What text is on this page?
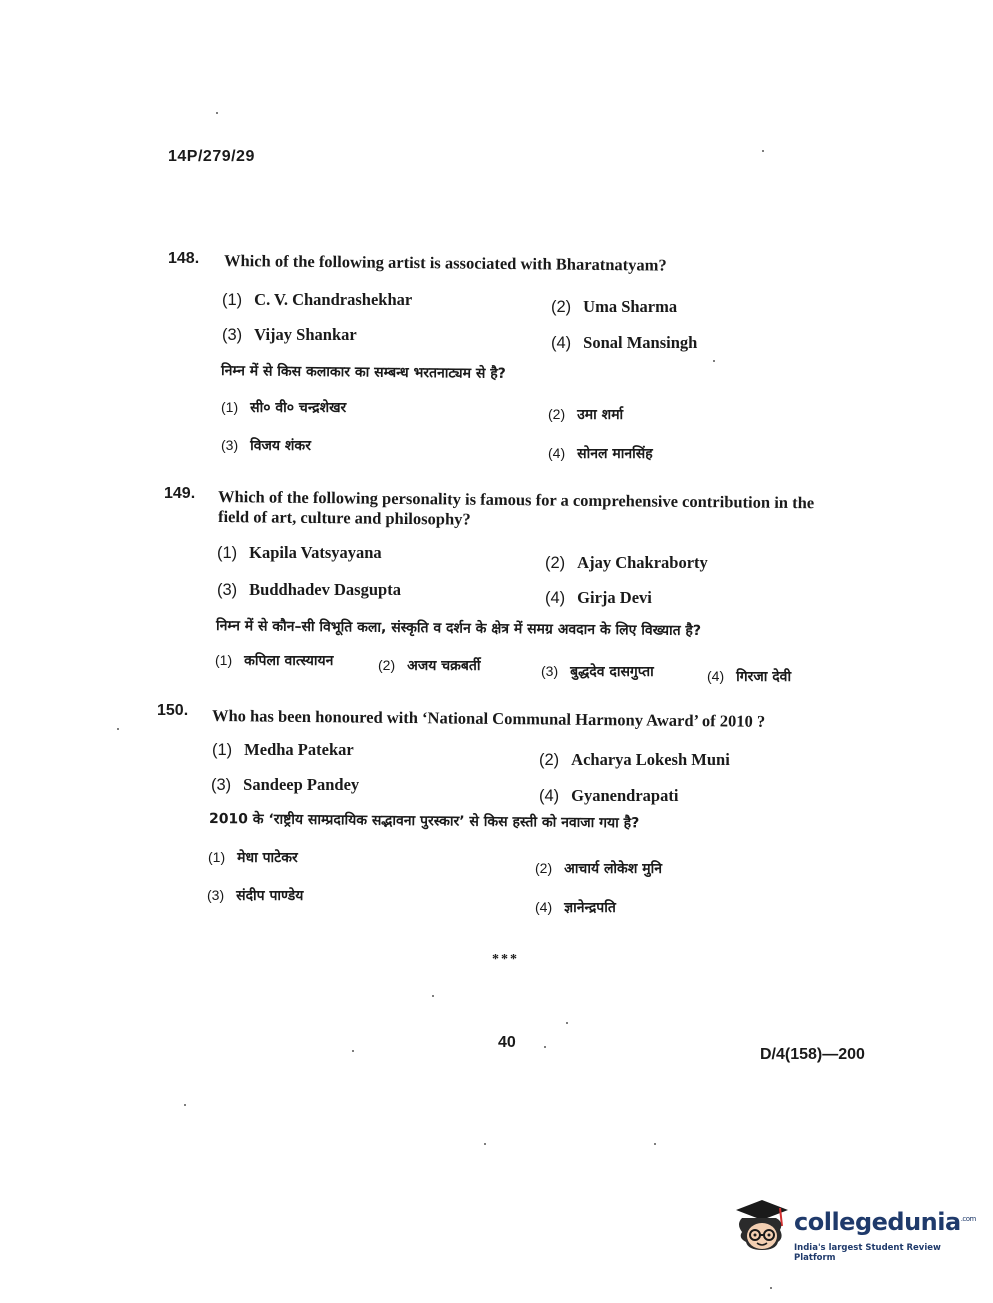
14P/279/29
148. Which of the following artist is associated with Bharatnatyam?
(1) C. V. Chandrashekhar	(2) Uma Sharma
(3) Vijay Shankar	(4) Sonal Mansingh
निम्न में से किस कलाकार का सम्बन्ध भरतनाट्यम से है?
(1) सी० वी० चन्द्रशेखर	(2) उमा शर्मा
(3) विजय शंकर	(4) सोनल मानसिंह
149. Which of the following personality is famous for a comprehensive contribution in the
field of art, culture and philosophy?
(1) Kapila Vatsyayana
(2) Ajay Chakraborty
(3) Buddhadev Dasgupta	(4) Girja Devi
निम्न में से कौन–सी विभूति कला, संस्कृति व दर्शन के क्षेत्र में समग्र अवदान के लिए विख्यात है?
(1) कपिला वात्स्यायन	(2) अजय चक्रबर्ती	(3) बुद्धदेव दासगुप्ता	(4) गिरजा देवी
150. Who has been honoured with ‘National Communal Harmony Award’ of 2010 ?
(1) Medha Patekar
(2) Acharya Lokesh Muni
(3) Sandeep Pandey
(4) Gyanendrapati
2010 के ‘राष्ट्रीय साम्प्रदायिक सद्भावना पुरस्कार’ से किस हस्ती को नवाजा गया है?
(1) मेधा पाटेकर
(2) आचार्य लोकेश मुनि
(3) संदीप पाण्डेय
(4) ज्ञानेन्द्रपति
***
40
D/4(158)—200
collegedunia$^{.com}$
India's largest Student Review Platform
